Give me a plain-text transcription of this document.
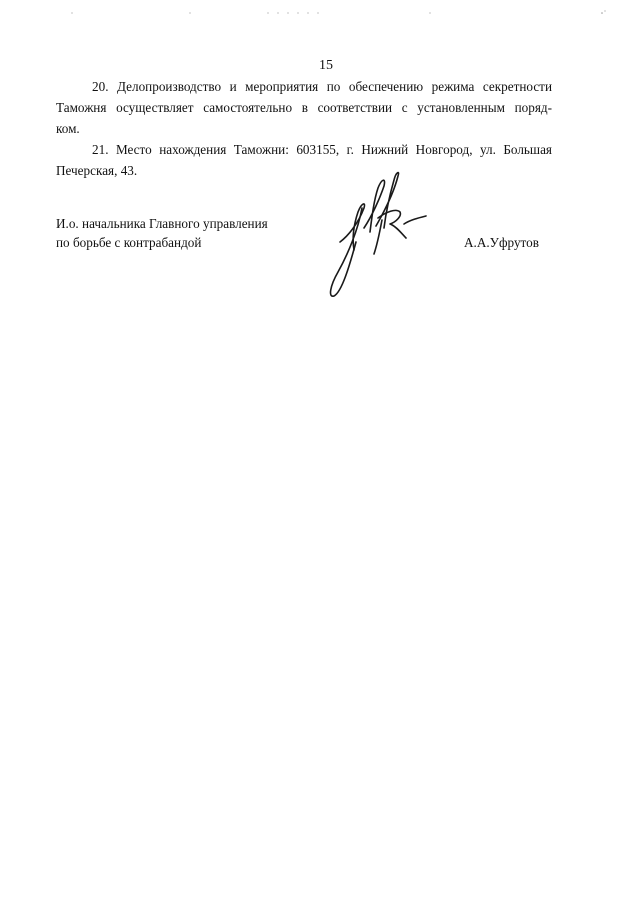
15

20. Делопроизводство и мероприятия по обеспечению режима секретности
Таможня осуществляет самостоятельно в соответствии с установленным поряд-
ком.

21. Место нахождения Таможни: 603155, г. Нижний Новгород, ул. Большая
Печерская, 43.

И.о. начальника Главного управления
по борьбе с контрабандой	А.А.Уфрутов
